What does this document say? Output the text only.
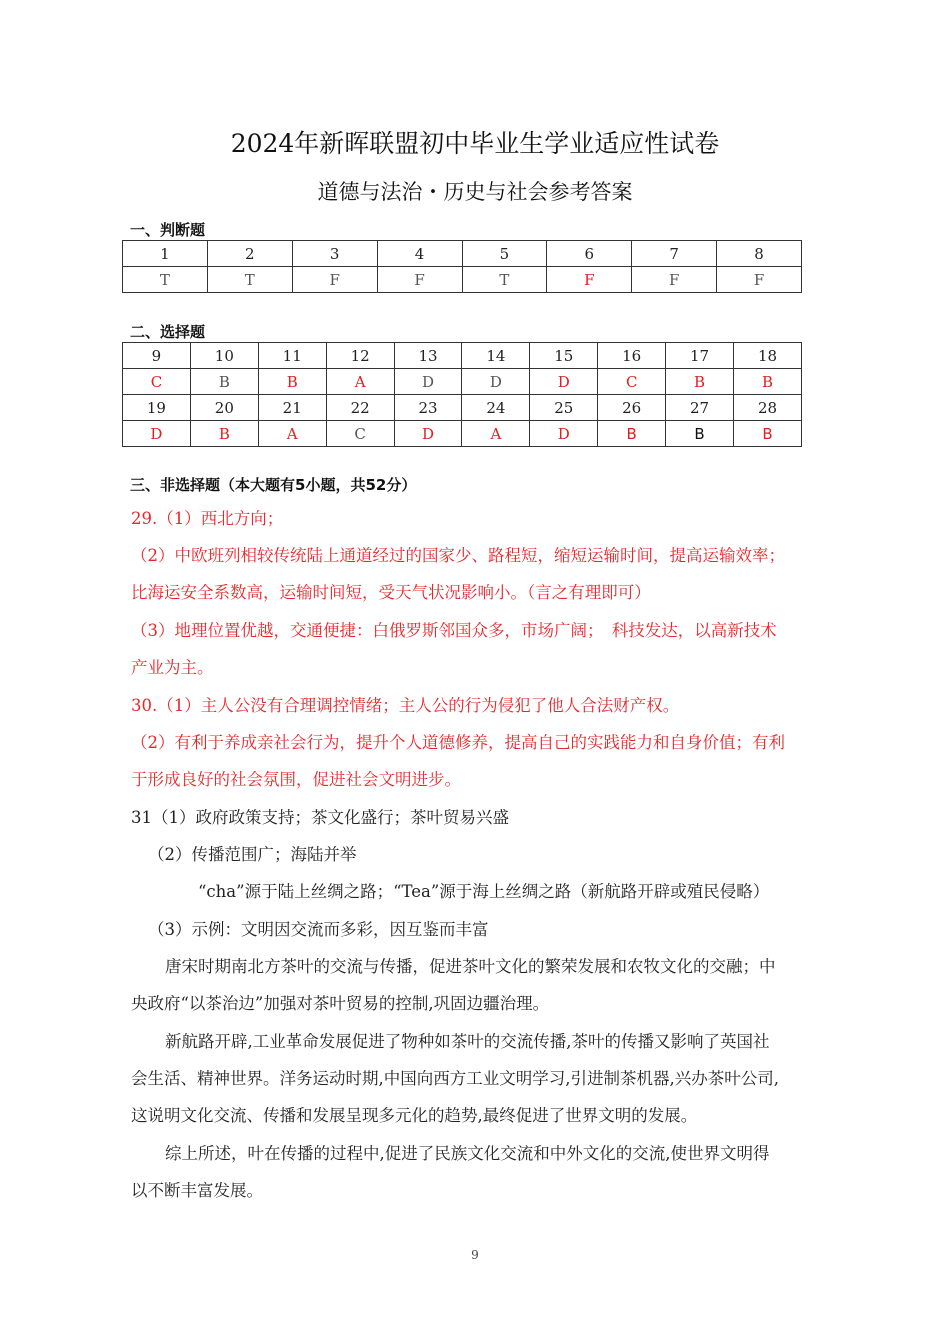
2024年新晖联盟初中毕业生学业适应性试卷
道德与法治・历史与社会参考答案
一、判断题
1	2	3	4	5	6	7	8
T	T	F	F	T	F	F	F
二、选择题
9	10	11	12	13	14	15	16	17	18
C	B	B	A	D	D	D	C	B	B
19	20	21	22	23	24	25	26	27	28
D	B	A	C	D	A	D	B	B	B
三、非选择题（本大题有5小题，共52分）
29.（1）西北方向；
（2）中欧班列相较传统陆上通道经过的国家少、路程短，缩短运输时间，提高运输效率；
比海运安全系数高，运输时间短，受天气状况影响小。（言之有理即可）
（3）地理位置优越，交通便捷：白俄罗斯邻国众多，市场广阔；　科技发达，以高新技术
产业为主。
30.（1）主人公没有合理调控情绪；主人公的行为侵犯了他人合法财产权。
（2）有利于养成亲社会行为，提升个人道德修养，提高自己的实践能力和自身价值；有利
于形成良好的社会氛围，促进社会文明进步。
31（1）政府政策支持；茶文化盛行；茶叶贸易兴盛
（2）传播范围广；海陆并举
“cha”源于陆上丝绸之路；“Tea”源于海上丝绸之路（新航路开辟或殖民侵略）
（3）示例：文明因交流而多彩，因互鉴而丰富
唐宋时期南北方茶叶的交流与传播，促进茶叶文化的繁荣发展和农牧文化的交融；中
央政府“以茶治边”加强对茶叶贸易的控制,巩固边疆治理。
新航路开辟,工业革命发展促进了物种如茶叶的交流传播,茶叶的传播又影响了英国社
会生活、精神世界。洋务运动时期,中国向西方工业文明学习,引进制茶机器,兴办茶叶公司,
这说明文化交流、传播和发展呈现多元化的趋势,最终促进了世界文明的发展。
综上所述，叶在传播的过程中,促进了民族文化交流和中外文化的交流,使世界文明得
以不断丰富发展。
9
